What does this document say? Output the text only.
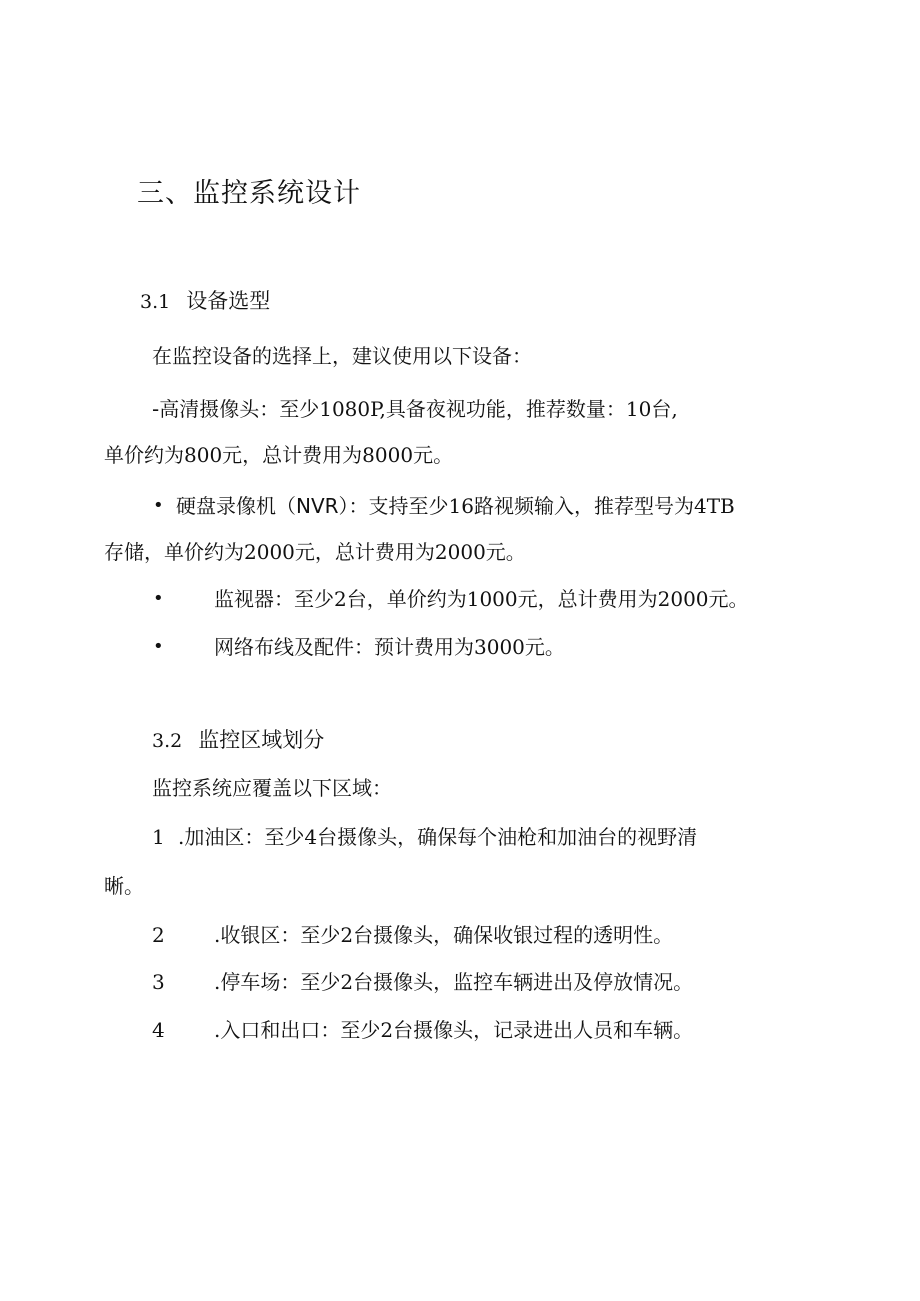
三、监控系统设计
3.1 设备选型
在监控设备的选择上，建议使用以下设备：
-高清摄像头：至少1080P,具备夜视功能，推荐数量：10台,
单价约为800元，总计费用为8000元。
• 硬盘录像机（NVR）：支持至少16路视频输入，推荐型号为4TB
存储，单价约为2000元，总计费用为2000元。
•	监视器：至少2台，单价约为1000元，总计费用为2000元。
•	网络布线及配件：预计费用为3000元。
3.2 监控区域划分
监控系统应覆盖以下区域：
1 .加油区：至少4台摄像头，确保每个油枪和加油台的视野清
晰。
2 .收银区：至少2台摄像头，确保收银过程的透明性。
3 .停车场：至少2台摄像头，监控车辆进出及停放情况。
4 .入口和出口：至少2台摄像头，记录进出人员和车辆。
